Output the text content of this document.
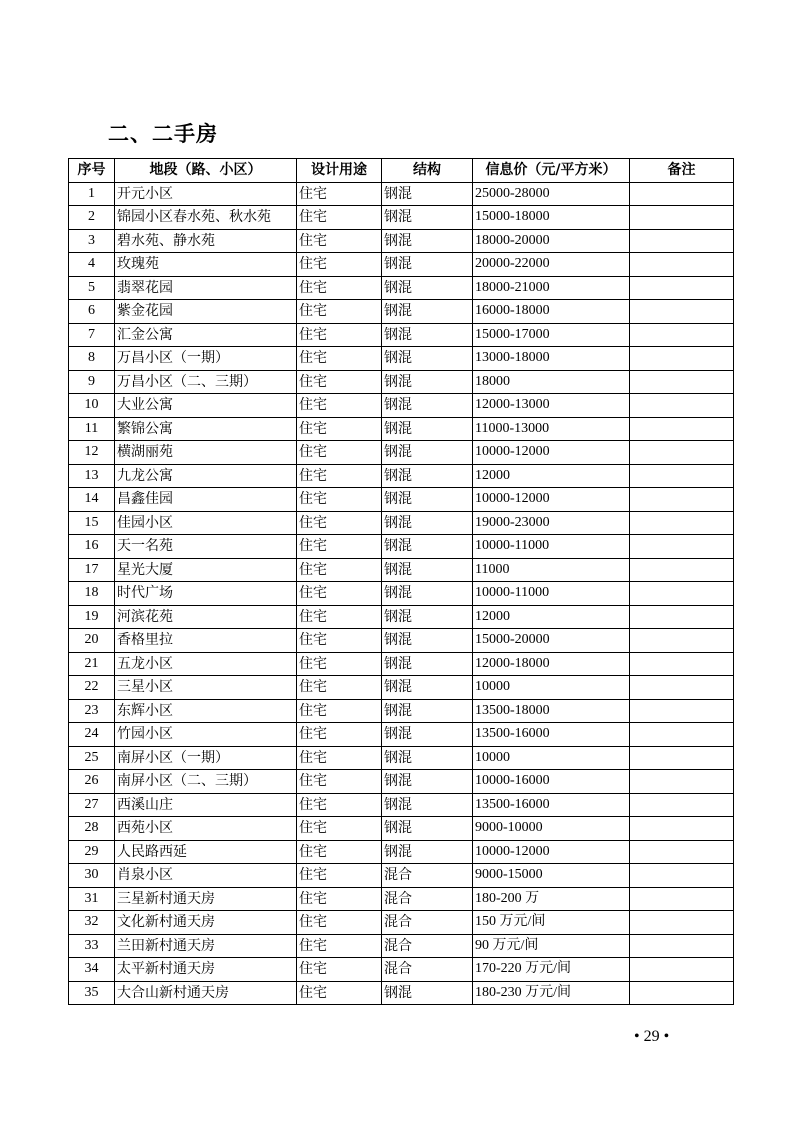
二、二手房
序号	地段（路、小区）	设计用途	结构	信息价（元/平方米）	备注
1	开元小区	住宅	钢混	25000-28000	
2	锦园小区春水苑、秋水苑	住宅	钢混	15000-18000	
3	碧水苑、静水苑	住宅	钢混	18000-20000	
4	玫瑰苑	住宅	钢混	20000-22000	
5	翡翠花园	住宅	钢混	18000-21000	
6	紫金花园	住宅	钢混	16000-18000	
7	汇金公寓	住宅	钢混	15000-17000	
8	万昌小区（一期）	住宅	钢混	13000-18000	
9	万昌小区（二、三期）	住宅	钢混	18000	
10	大业公寓	住宅	钢混	12000-13000	
11	繁锦公寓	住宅	钢混	11000-13000	
12	横湖丽苑	住宅	钢混	10000-12000	
13	九龙公寓	住宅	钢混	12000	
14	昌鑫佳园	住宅	钢混	10000-12000	
15	佳园小区	住宅	钢混	19000-23000	
16	天一名苑	住宅	钢混	10000-11000	
17	星光大厦	住宅	钢混	11000	
18	时代广场	住宅	钢混	10000-11000	
19	河滨花苑	住宅	钢混	12000	
20	香格里拉	住宅	钢混	15000-20000	
21	五龙小区	住宅	钢混	12000-18000	
22	三星小区	住宅	钢混	10000	
23	东辉小区	住宅	钢混	13500-18000	
24	竹园小区	住宅	钢混	13500-16000	
25	南屏小区（一期）	住宅	钢混	10000	
26	南屏小区（二、三期）	住宅	钢混	10000-16000	
27	西溪山庄	住宅	钢混	13500-16000	
28	西苑小区	住宅	钢混	9000-10000	
29	人民路西延	住宅	钢混	10000-12000	
30	肖泉小区	住宅	混合	9000-15000	
31	三星新村通天房	住宅	混合	180-200 万	
32	文化新村通天房	住宅	混合	150 万元/间	
33	兰田新村通天房	住宅	混合	90 万元/间	
34	太平新村通天房	住宅	混合	170-220 万元/间	
35	大合山新村通天房	住宅	钢混	180-230 万元/间	
• 29 •
